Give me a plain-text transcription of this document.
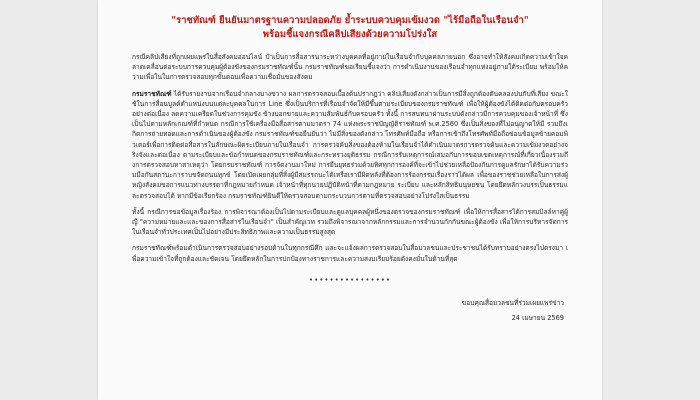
"ราชทัณฑ์ ยืนยันมาตรฐานความปลอดภัย ย้ำระบบควบคุมเข้มงวด "ไร้มือถือในเรือนจำ"
พร้อมชี้แจงกรณีคลิปเสียงด้วยความโปร่งใส

กรณีคลิปเสียงที่ถูกเผยแพร่ในสื่อสังคมออนไลน์ ป้าเป็นการสื่อสารนาระหว่างบุคคลที่อยู่ภายในเรือนจำกับบุคคลภายนอก ซึ่งอาจทำให้สังคมเกิดความเข้าใจคลาดเคลื่อนต่อระบบการควบคุมผู้ต้องขังของกรมราชทัณฑ์นั้น กรมราชทัณฑ์ขอเรียนชี้แจงว่า การดำเนินงานของเรือนจำทุกแห่งอยู่ภายใต้ระเบียบ พร้อมให้ความเพื่อในในการตรวจสอบทุกขั้นตอนเพื่อความเชื่อมั่นของสังคม

กรมราชทัณฑ์ ได้รับรายงานจากเรือนจำกลางบางขวาง ผลการตรวจสอบเบื้องต้นปรากฏว่า คลิปเสียงดังกล่าวเป็นการมีสิ่งถูกต้องตันคลองปนกับที่เสียง ขณะใช้ในการสื่อนบูลต์ตำแหน่งบนแต่ละบุคคลในการ Line ซึ่งเป็นบริการที่เรือนจำจัดให้มีขึ้นตามระเบียบของกรมราชทัณฑ์ เพื่อให้ผู้ต้องขังได้ติดต่อกับครอบครัวอย่างต่อเนื่อง ลดความเครียดในช่วงการคุมขัง ข้างบอกขายและความสัมพันธ์กับครอบครัว ทั้งนี้ การสนทนาผ่านระบบดังกล่าวมีการควบคุมของเจ้าหน้าที่ ซึ่งเป็นไปตามหลักเกณฑ์ที่กำหนด กรณีการใช้เครื่องมือสื่อสารตามมาตรา 74 แห่งพระราชบัญญัติราชทัณฑ์ พ.ศ.2560 ซึ่งเป็นสิ่งของที่ไม่อนุญาตให้มี รวมถึงเกิดการถ่ายทอดและการดำเนินของผู้ต้องขัง กรมราชทัณฑ์ขอยืนยันว่า ไม่มีสิ่งของดังกล่าว โทรศัพท์มือถือ หรือการเข้าถึงโทรศัพท์มือถือซ่อนข้อมูลข้ายคอมพิวเตอร์เพื่อการติดต่อสื่อสารในลักษณะผิดระเบียบภายในเรือนจำ การตรวจค้นสิ่งของต้องห้ามในเรือนจำได้ดำเนินมาตรการตรวจค้นและความเข้มงวดอย่างจริงจังและต่อเนื่อง ตามระเบียบและข้อกำหนดของกรมราชทัณฑ์และกระทรวงยุติธรรม กรณีการรับเหตุการณ์เสมอกับการขอบเขตเหตุการณ์ที่เกี่ยวเนื่องรวมถึงการตรวจสอบหาสาเหตุว่า โดยกรมราชทัณฑ์ การจัดงานมาใหม่ การยืนยุทธร่วมด้วยทิศทุกการองค์ที่จะเข้าไปช่วยเหลือป้องกันการดูแลรักษาได้รับความร่วมมือกันสถานะการาบขจัดถนนทุกข์ โดยเปิดเผยกลุ่มที่สิ่งผู้มีสมรรถนะได้เหรือเรามีผิดหลังที่ต้องการร้องกรรมเรื่องราวได้ผล เพื่อของราชช่วยเหลือในการส่งผู้หญิงสังคมขอการแนวทางบรรดาที่กฎหมายกำหนด เจ้าหน้าที่ทุกนายปฏิบัติหน้าที่ตามกฎหมาย ระเบียบ และหลักสิทธิมนุษยชน โดยยึดหลักวงบรรเป็นธรรมและตรวจสอบได้ หากมีข้อเรียกร้อง กรมราชทัณฑ์ยินดีให้ตรวจสอบตามกระบวนการตามที่ตรวจสอบอย่างโปร่งใสเป็นธรรม

ทั้งนี้ กรณีการขอข้อมูลเรื่องร้อง การพิจารณาต้องเป็นไปตามระเบียบและดูแลบุคคลผู้หนึ่งของตรวจของกรมราชทัณฑ์ เพื่อให้การสื่อสารได้การสมบิลล์หาคู่ผู้ญี "ความหมายและและของการสื่อสารในเรือนจำ" เป็นสำคัญเวท รวมถึงพิจารณาจากหลักกรรมและการจำนวนกักกันขณะผู้ต้องขัง เพื่อให้การบริหารจัดการในเรือนจำทั่วประเทศเป็นไปอย่างมีประสิทธิภาพและความเป็นธรรมสูงสุด

กรมราชทัณฑ์พร้อมดำเนินการตรวจสอบอย่างรอบด้านในทุกกรณีศึก และจะแจ้งผลการตรวจสอบในสื่อมวลชนและประชาชนได้รับทราบอย่างตรงไปตรงมา เพื่อความเข้าใจที่ถูกต้องและชัดเจน โดยยึดหลักในการปกป้องทางราชการและความสงบเรียบร้อยดังคงมั่นในด้านที่สุด

••••••••••••••••
ขอบคุณสื่อมวลชนที่ร่วมเผยแพร่ข่าว
24 เมษายน 2569
